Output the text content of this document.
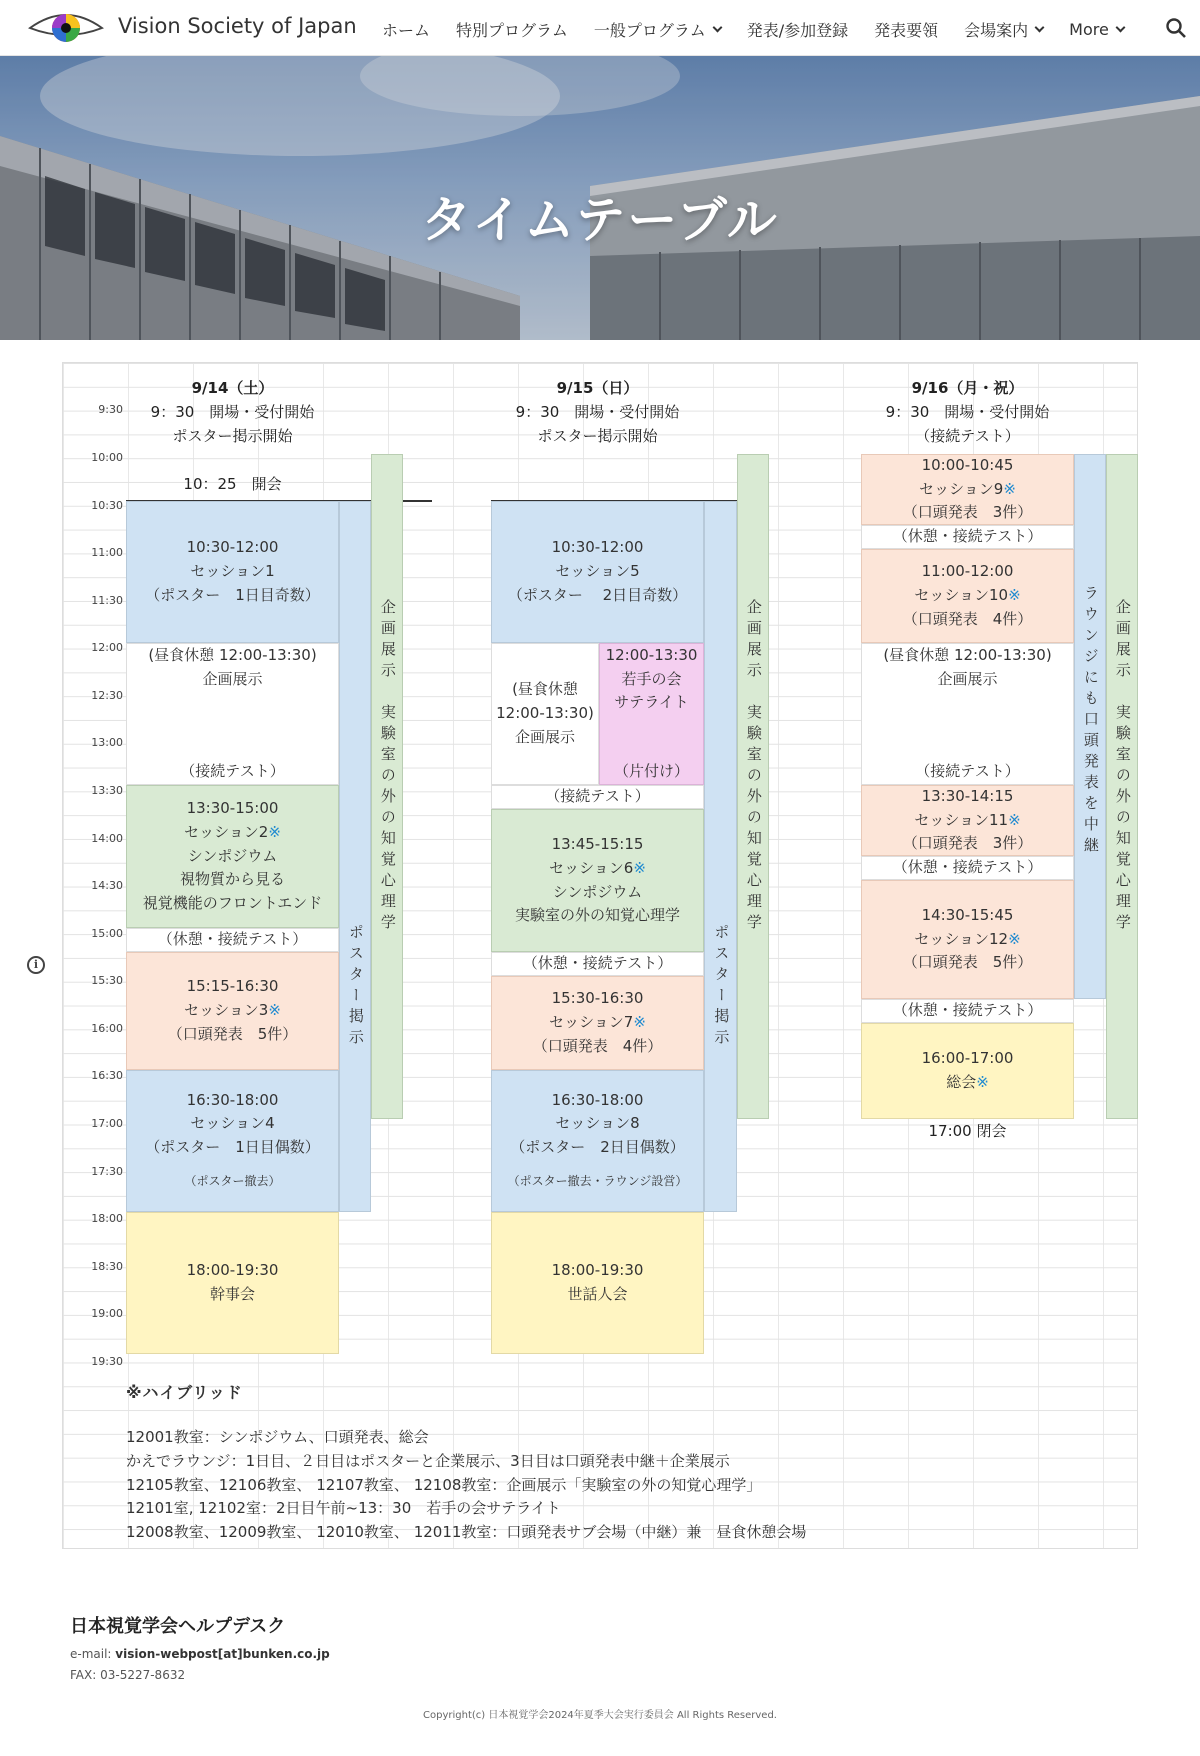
Vision Society of Japan ホーム 特別プログラム 一般プログラム	発表/参加登録 発表要領 会場案内	More
タイムテーブル
9:30
10:00
10:30
11:00
11:30
12:00
12:30
13:00
13:30
14:00
14:30
15:00
15:30
16:00
16:30
17:00
17:30
18:00
18:30
19:00
19:30
9/14（土）
9：30　開場・受付開始
ポスター掲示開始
10：25　開会
10:30-12:00
セッション1
（ポスター　1日目奇数）
(昼食休憩 12:00-13:30)
企画展示
（接続テスト）
13:30-15:00
セッション2※
シンポジウム
視物質から見る
視覚機能のフロントエンド
（休憩・接続テスト）
15:15-16:30
セッション3※
（口頭発表　5件）
16:30-18:00
セッション4
（ポスター　1日目偶数）
（ポスター撤去）
18:00-19:30
幹事会
ポスター掲示
企画展示　実験室の外の知覚心理学
9/15（日）
9：30　開場・受付開始
ポスター掲示開始
10:30-12:00
セッション5
（ポスター　 2日目奇数）
(昼食休憩
12:00-13:30)
企画展示
12:00-13:30
若手の会
サテライト
（片付け）
（接続テスト）
13:45-15:15
セッション6※
シンポジウム
実験室の外の知覚心理学
（休憩・接続テスト）
15:30-16:30
セッション7※
（口頭発表　4件）
16:30-18:00
セッション8
（ポスター　2日目偶数）
（ポスター撤去・ラウンジ設営）
18:00-19:30
世話人会
ポスター掲示
企画展示　実験室の外の知覚心理学
9/16（月・祝）
9：30　開場・受付開始
（接続テスト）
10:00-10:45
セッション9※
（口頭発表　3件）
（休憩・接続テスト）
11:00-12:00
セッション10※
（口頭発表　4件）
(昼食休憩 12:00-13:30)
企画展示
（接続テスト）
13:30-14:15
セッション11※
（口頭発表　3件）
（休憩・接続テスト）
14:30-15:45
セッション12※
（口頭発表　5件）
（休憩・接続テスト）
16:00-17:00
総会※
17:00 閉会
ラウンジにも口頭発表を中継 企画展示　実験室の外の知覚心理学
※ハイブリッド
12001教室：シンポジウム、口頭発表、総会
かえでラウンジ：1日目、２日目はポスターと企業展示、3日目は口頭発表中継＋企業展示
12105教室、12106教室、 12107教室、 12108教室：企画展示「実験室の外の知覚心理学」
12101室, 12102室：2日目午前~13：30　若手の会サテライト
12008教室、12009教室、 12010教室、 12011教室：口頭発表サブ会場（中継）兼　昼食休憩会場
i
日本視覚学会ヘルプデスク
e-mail: vision-webpost[at]bunken.co.jp
FAX: 03-5227-8632
Copyright(c) 日本視覚学会2024年夏季大会実行委員会 All Rights Reserved.
